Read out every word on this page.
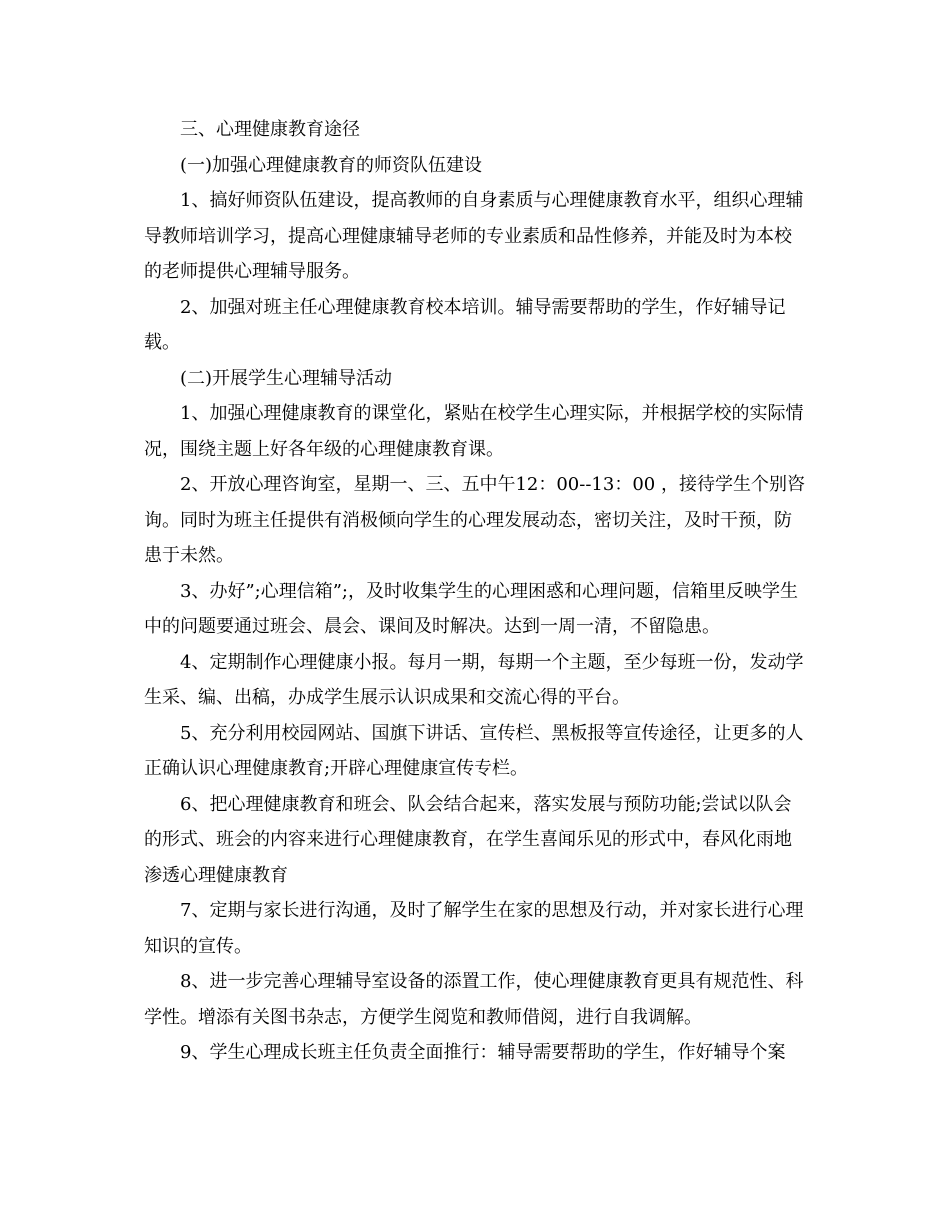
三、心理健康教育途径

(一)加强心理健康教育的师资队伍建设

1、搞好师资队伍建设，提高教师的自身素质与心理健康教育水平，组织心理辅导教师培训学习，提高心理健康辅导老师的专业素质和品性修养，并能及时为本校的老师提供心理辅导服务。

2、加强对班主任心理健康教育校本培训。辅导需要帮助的学生，作好辅导记载。

(二)开展学生心理辅导活动

1、加强心理健康教育的课堂化，紧贴在校学生心理实际，并根据学校的实际情况，围绕主题上好各年级的心理健康教育课。

2、开放心理咨询室，星期一、三、五中午12：00--13：00 ，接待学生个别咨询。同时为班主任提供有消极倾向学生的心理发展动态，密切关注，及时干预，防患于未然。

3、办好”;心理信箱”;，及时收集学生的心理困惑和心理问题，信箱里反映学生中的问题要通过班会、晨会、课间及时解决。达到一周一清，不留隐患。

4、定期制作心理健康小报。每月一期，每期一个主题，至少每班一份，发动学生采、编、出稿，办成学生展示认识成果和交流心得的平台。

5、充分利用校园网站、国旗下讲话、宣传栏、黑板报等宣传途径，让更多的人正确认识心理健康教育;开辟心理健康宣传专栏。

6、把心理健康教育和班会、队会结合起来，落实发展与预防功能;尝试以队会的形式、班会的内容来进行心理健康教育，在学生喜闻乐见的形式中，春风化雨地渗透心理健康教育

7、定期与家长进行沟通，及时了解学生在家的思想及行动，并对家长进行心理知识的宣传。

8、进一步完善心理辅导室设备的添置工作，使心理健康教育更具有规范性、科学性。增添有关图书杂志，方便学生阅览和教师借阅，进行自我调解。

9、学生心理成长班主任负责全面推行：辅导需要帮助的学生，作好辅导个案
